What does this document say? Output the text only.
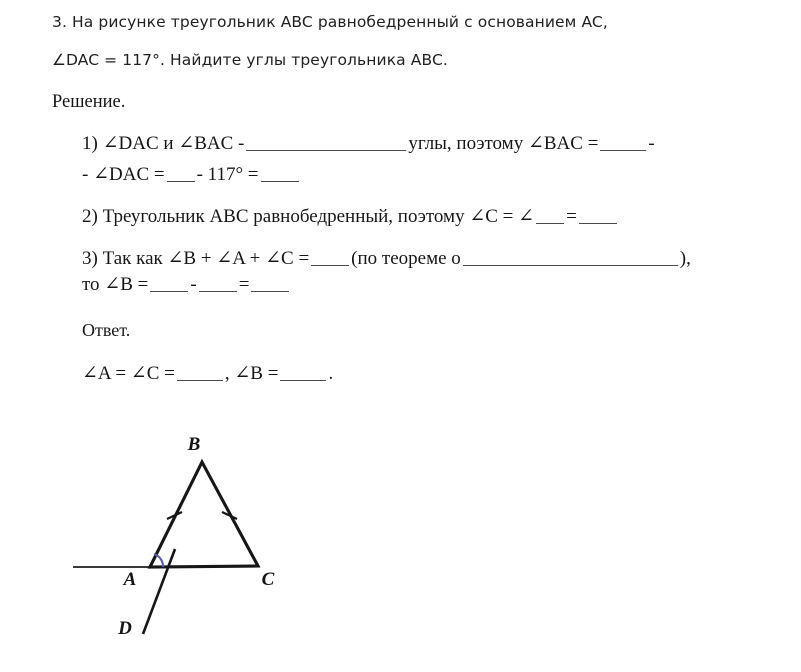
3. На рисунке треугольник ABC равнобедренный с основанием AC,
∠DAC = 117°. Найдите углы треугольника ABC.
Решение.
1) ∠DAC и ∠BAC -	углы, поэтому ∠BAC =	-
- ∠DAC = - 117° =
2) Треугольник ABC равнобедренный, поэтому ∠C = ∠ =
3) Так как ∠B + ∠A + ∠C = (по теореме о	),
то ∠B = - =
Ответ.
∠A = ∠C =	, ∠B =	.
B
A	C
D
